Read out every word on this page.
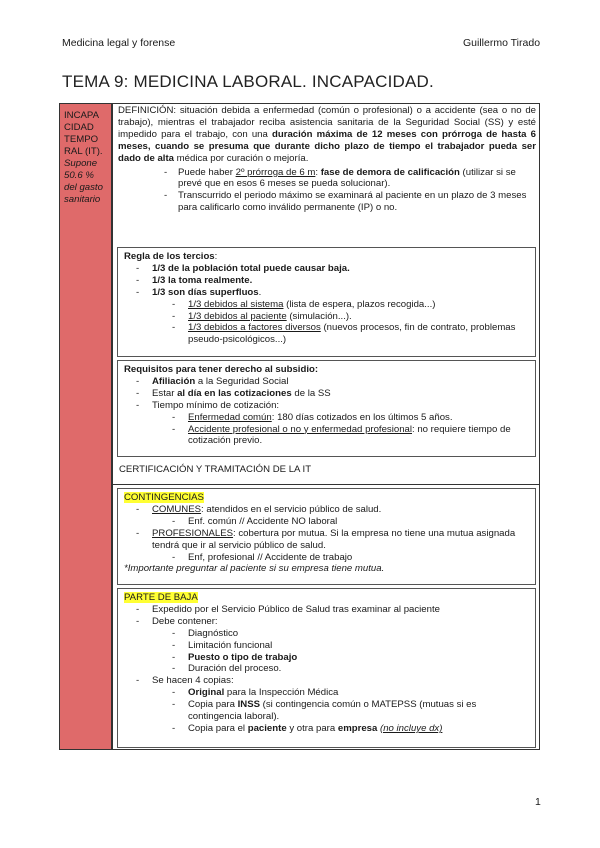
Medicina legal y forense	Guillermo Tirado
TEMA 9: MEDICINA LABORAL. INCAPACIDAD.
INCAPA
CIDAD
TEMPO
RAL (IT).
Supone
50.6 %
del gasto
sanitario

DEFINICIÓN: situación debida a enfermedad (común o profesional) o a accidente (sea o no de trabajo), mientras el trabajador reciba asistencia sanitaria de la Seguridad Social (SS) y esté impedido para el trabajo, con una duración máxima de 12 meses con prórroga de hasta 6 meses, cuando se presuma que durante dicho plazo de tiempo el trabajador pueda ser dado de alta médica por curación o mejoría.

- Puede haber 2º prórroga de 6 m: fase de demora de calificación (utilizar si se prevé que en esos 6 meses se pueda solucionar).
- Transcurrido el periodo máximo se examinará al paciente en un plazo de 3 meses para calificarlo como inválido permanente (IP) o no.

Regla de los tercios:

- 1/3 de la población total puede causar baja.
- 1/3 la toma realmente.
- 1/3 son días superfluos.
- 1/3 debidos al sistema (lista de espera, plazos recogida...)
- 1/3 debidos al paciente (simulación...).
- 1/3 debidos a factores diversos (nuevos procesos, fin de contrato, problemas pseudo-psicológicos...)

Requisitos para tener derecho al subsidio:

- Afiliación a la Seguridad Social
- Estar al día en las cotizaciones de la SS
- Tiempo mínimo de cotización:
- Enfermedad común: 180 días cotizados en los últimos 5 años.
- Accidente profesional o no y enfermedad profesional: no requiere tiempo de cotización previo.
CERTIFICACIÓN Y TRAMITACIÓN DE LA IT

CONTINGENCIAS

- COMUNES: atendidos en el servicio público de salud.
- Enf. común // Accidente NO laboral
- PROFESIONALES: cobertura por mutua. Si la empresa no tiene una mutua asignada tendrá que ir al servicio público de salud.
- Enf, profesional // Accidente de trabajo

*Importante preguntar al paciente si su empresa tiene mutua.

PARTE DE BAJA

- Expedido por el Servicio Público de Salud tras examinar al paciente
- Debe contener:
- Diagnóstico
- Limitación funcional
- Puesto o tipo de trabajo
- Duración del proceso.
- Se hacen 4 copias:
- Original para la Inspección Médica
- Copia para INSS (si contingencia común o MATEPSS (mutuas si es contingencia laboral).
- Copia para el paciente y otra para empresa (no incluye dx)
1
